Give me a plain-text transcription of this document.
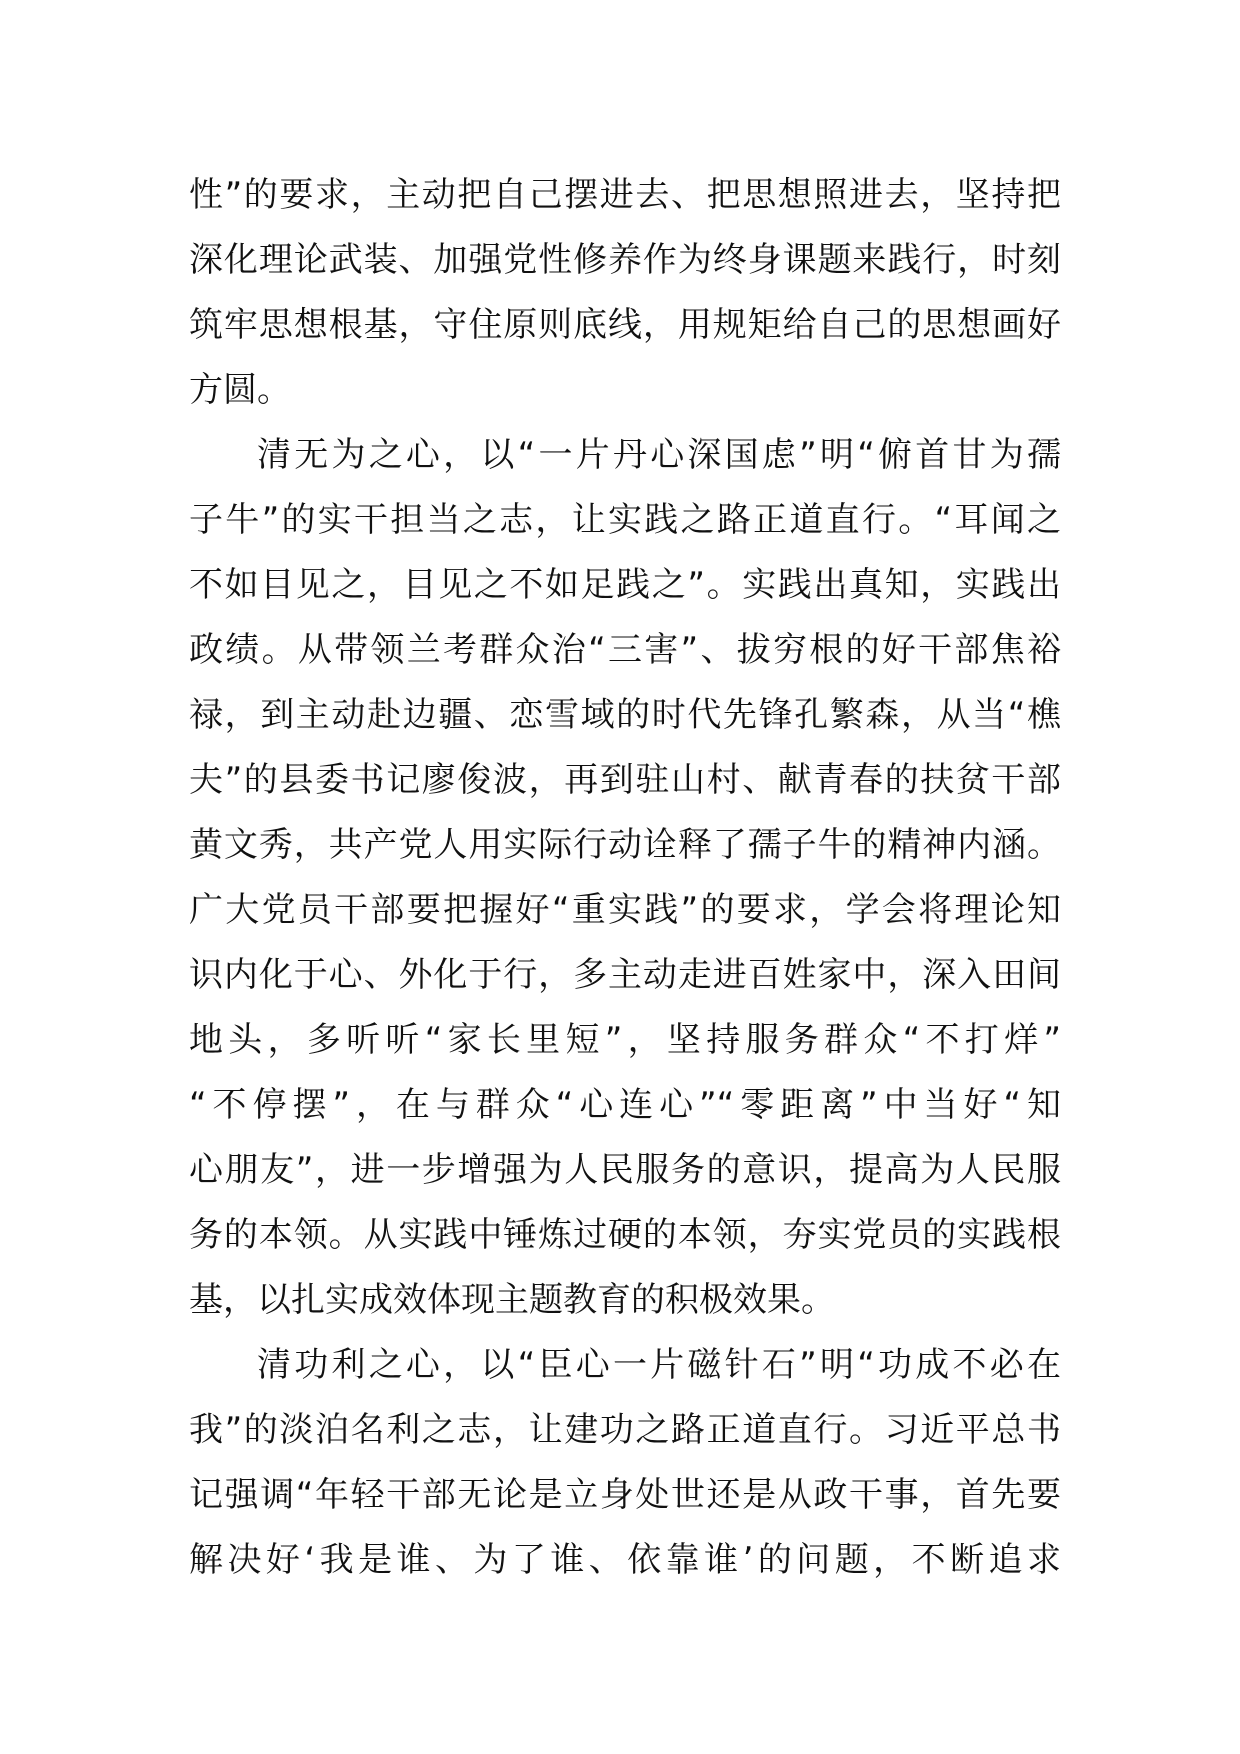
性”的要求，主动把自己摆进去、把思想照进去，坚持把
深化理论武装、加强党性修养作为终身课题来践行，时刻
筑牢思想根基，守住原则底线，用规矩给自己的思想画好
方圆。
清无为之心，以“一片丹心深国虑”明“俯首甘为孺
子牛”的实干担当之志，让实践之路正道直行。“耳闻之
不如目见之，目见之不如足践之”。实践出真知，实践出
政绩。从带领兰考群众治“三害”、拔穷根的好干部焦裕
禄，到主动赴边疆、恋雪域的时代先锋孔繁森，从当“樵
夫”的县委书记廖俊波，再到驻山村、献青春的扶贫干部
黄文秀，共产党人用实际行动诠释了孺子牛的精神内涵。
广大党员干部要把握好“重实践”的要求，学会将理论知
识内化于心、外化于行，多主动走进百姓家中，深入田间
地头，多听听“家长里短”，坚持服务群众“不打烊”
“不停摆”，在与群众“心连心”“零距离”中当好“知
心朋友”，进一步增强为人民服务的意识，提高为人民服
务的本领。从实践中锤炼过硬的本领，夯实党员的实践根
基，以扎实成效体现主题教育的积极效果。
清功利之心，以“臣心一片磁针石”明“功成不必在
我”的淡泊名利之志，让建功之路正道直行。习近平总书
记强调“年轻干部无论是立身处世还是从政干事，首先要
解决好‘我是谁、为了谁、依靠谁’的问题，不断追求
